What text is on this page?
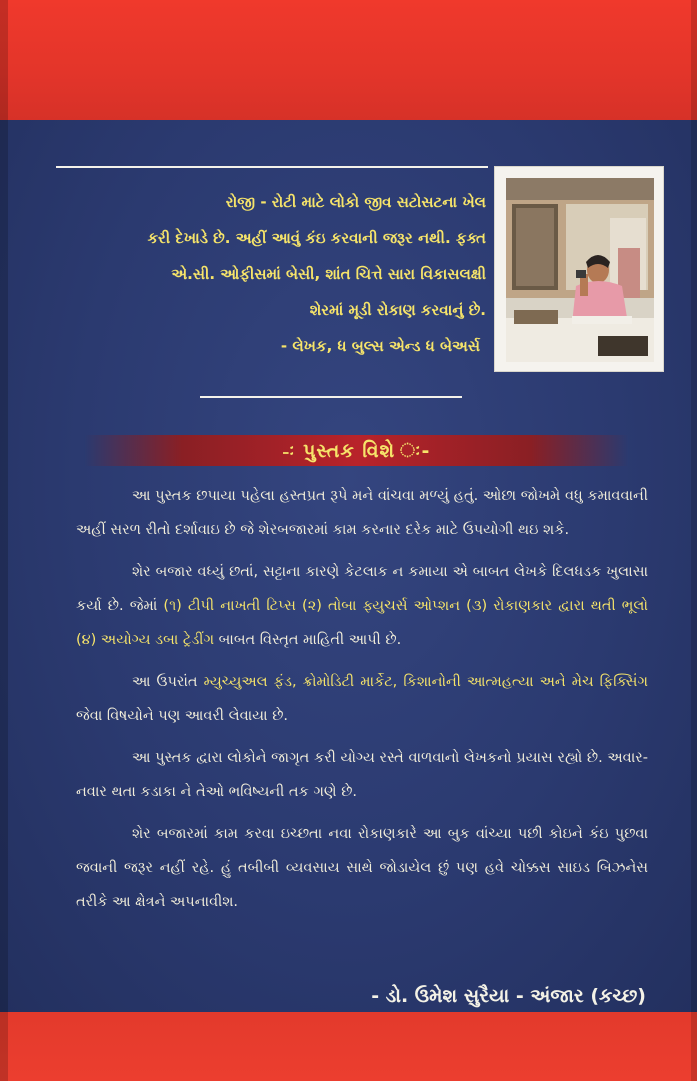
રોજી - રોટી માટે લોકો જીવ સટોસટના ખેલ
કરી દેખાડે છે. અહીં આવું કંઇ કરવાની જરૂર નથી. ફક્ત
એ.સી. ઓફીસમાં બેસી, શાંત ચિત્તે સારા વિકાસલક્ષી
શેરમાં મૂડી રોકાણ કરવાનું છે.
- લેખક, ધ બુલ્સ એન્ડ ધ બેઅર્સ
-ઃ પુસ્તક વિશે ઃ-

આ પુસ્તક છપાયા પહેલા હસ્તપ્રત રૂપે મને વાંચવા મળ્યું હતું. ઓછા જોખમે વધુ કમાવવાની અહીં સરળ રીતો દર્શાવાઇ છે જે શેરબજારમાં કામ કરનાર દરેક માટે ઉપયોગી થઇ શકે.

શેર બજાર વધ્યું છતાં, સટ્ટાના કારણે કેટલાક ન કમાયા એ બાબત લેખકે દિલધડક ખુલાસા કર્યા છે. જેમાં (૧) ટીપી નાખતી ટિપ્સ (૨) તોબા ફ્યુચર્સ ઓપ્શન (૩) રોકાણકાર દ્વારા થતી ભૂલો (૪) અયોગ્ય ડબા ટ્રેડીંગ બાબત વિસ્તૃત માહિતી આપી છે.

આ ઉપરાંત મ્યુચ્યુઅલ ફંડ, ક્રોમોડિટી માર્કેટ, કિશાનોની આત્મહત્યા અને મેચ ફિક્સિંગ જેવા વિષયોને પણ આવરી લેવાયા છે.

આ પુસ્તક દ્વારા લોકોને જાગૃત કરી યોગ્ય રસ્તે વાળવાનો લેખકનો પ્રયાસ રહ્યો છે. અવાર-નવાર થતા કડાકા ને તેઓ ભવિષ્યની તક ગણે છે.

શેર બજારમાં કામ કરવા ઇચ્છતા નવા રોકાણકારે આ બુક વાંચ્યા પછી કોઇને કંઇ પુછવા જવાની જરૂર નહીં રહે. હું તબીબી વ્યવસાય સાથે જોડાયેલ છું પણ હવે ચોક્કસ સાઇડ બિઝનેસ તરીકે આ ક્ષેત્રને અપનાવીશ.

- ડો. ઉમેશ સુરૈયા - અંજાર (કચ્છ)
